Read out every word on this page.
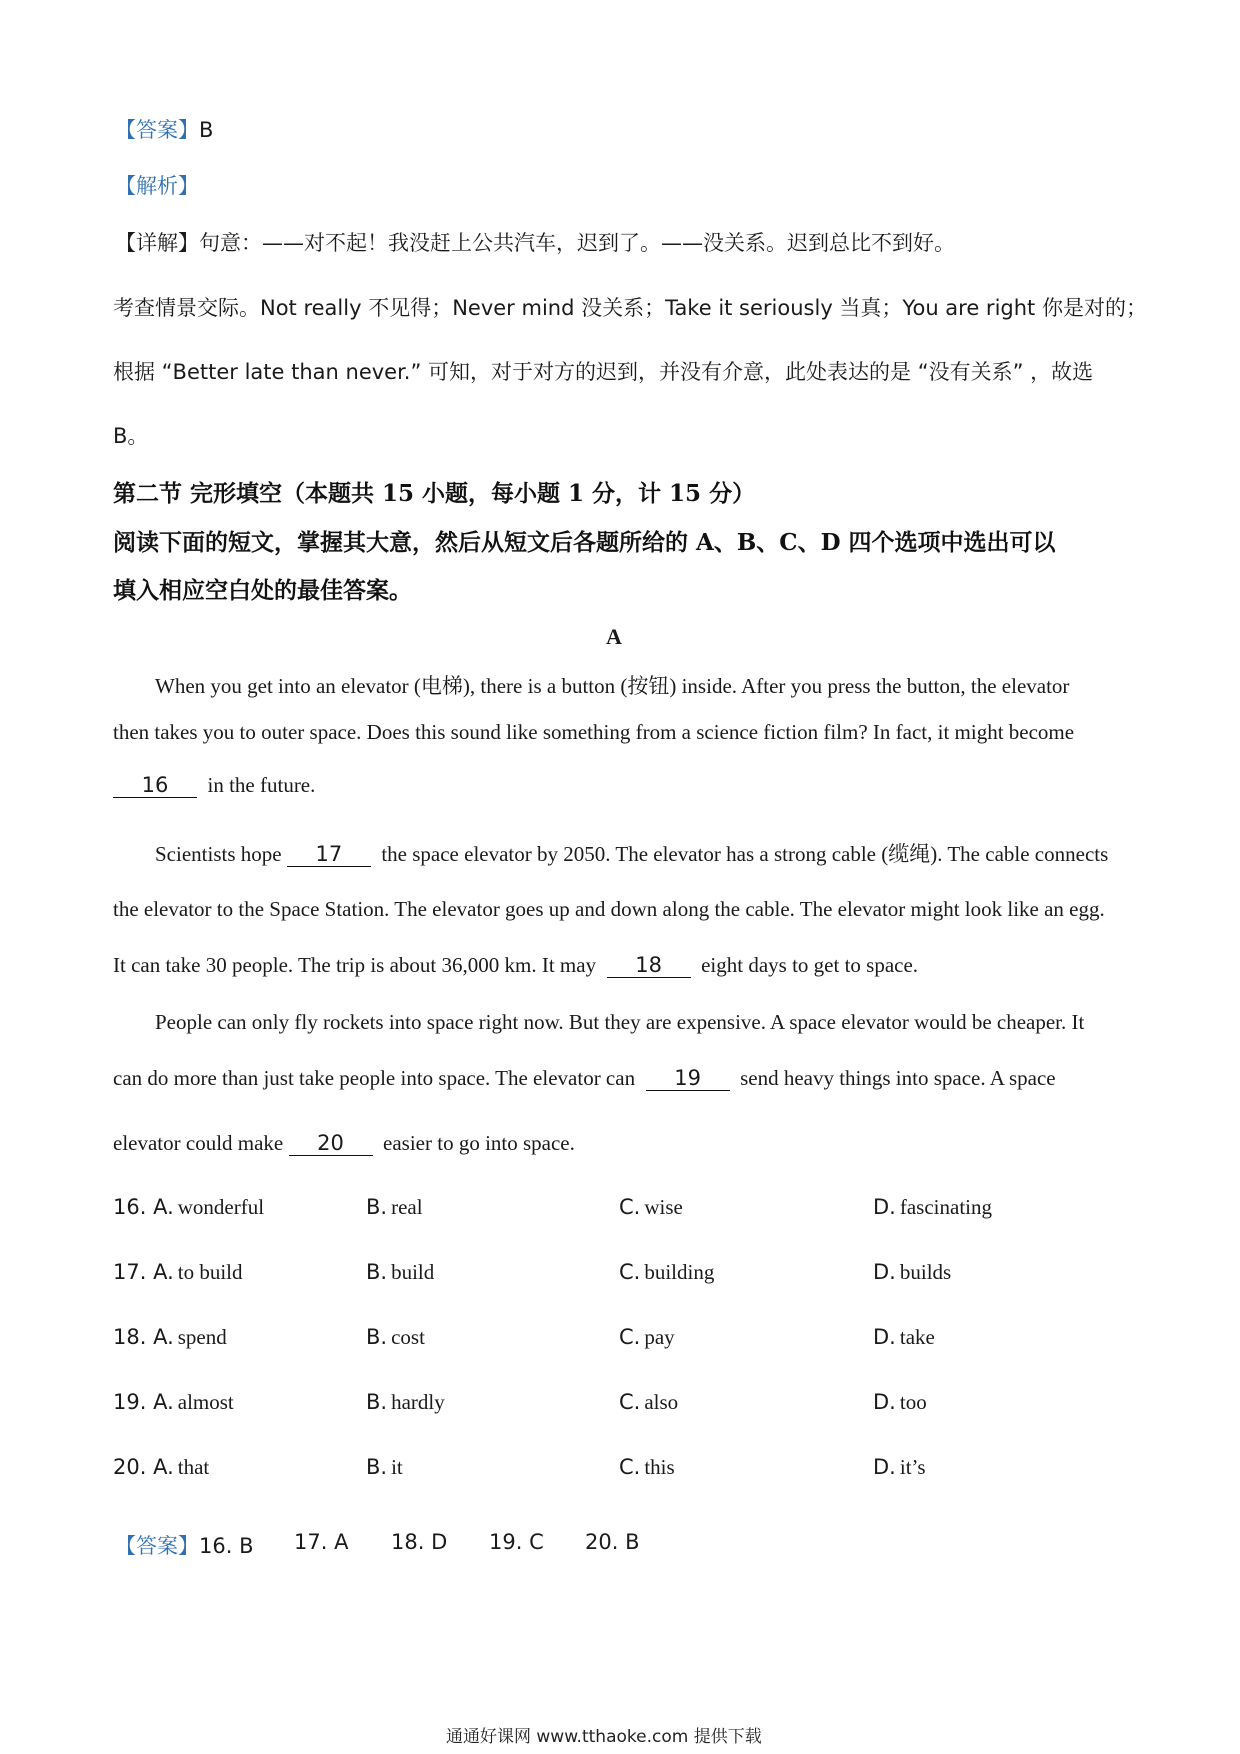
【答案】B
【解析】
【详解】句意：——对不起！我没赶上公共汽车，迟到了。——没关系。迟到总比不到好。
考查情景交际。Not really 不见得；Never mind 没关系；Take it seriously 当真；You are right 你是对的；
根据 “Better late than never.” 可知，对于对方的迟到，并没有介意，此处表达的是 “没有关系” ，故选
B。
第二节 完形填空（本题共 15 小题，每小题 1 分，计 15 分）
阅读下面的短文，掌握其大意，然后从短文后各题所给的 A、B、C、D 四个选项中选出可以
填入相应空白处的最佳答案。
A
When you get into an elevator (电梯), there is a button (按钮) inside. After you press the button, the elevator
then takes you to outer space. Does this sound like something from a science fiction film? In fact, it might become
16 in the future.
Scientists hope 17 the space elevator by 2050. The elevator has a strong cable (缆绳). The cable connects
the elevator to the Space Station. The elevator goes up and down along the cable. The elevator might look like an egg.
It can take 30 people. The trip is about 36,000 km. It may 18 eight days to get to space.
People can only fly rockets into space right now. But they are expensive. A space elevator would be cheaper. It
can do more than just take people into space. The elevator can 19 send heavy things into space. A space
elevator could make 20 easier to go into space.
16. A. wonderful	B. real	C. wise	D. fascinating
17. A. to build	B. build	C. building	D. builds
18. A. spend	B. cost	C. pay	D. take
19. A. almost	B. hardly	C. also	D. too
20. A. that	B. it	C. this	D. it’s
【答案】16. B 17. A 18. D 19. C 20. B
通通好课网 www.tthaoke.com 提供下载
